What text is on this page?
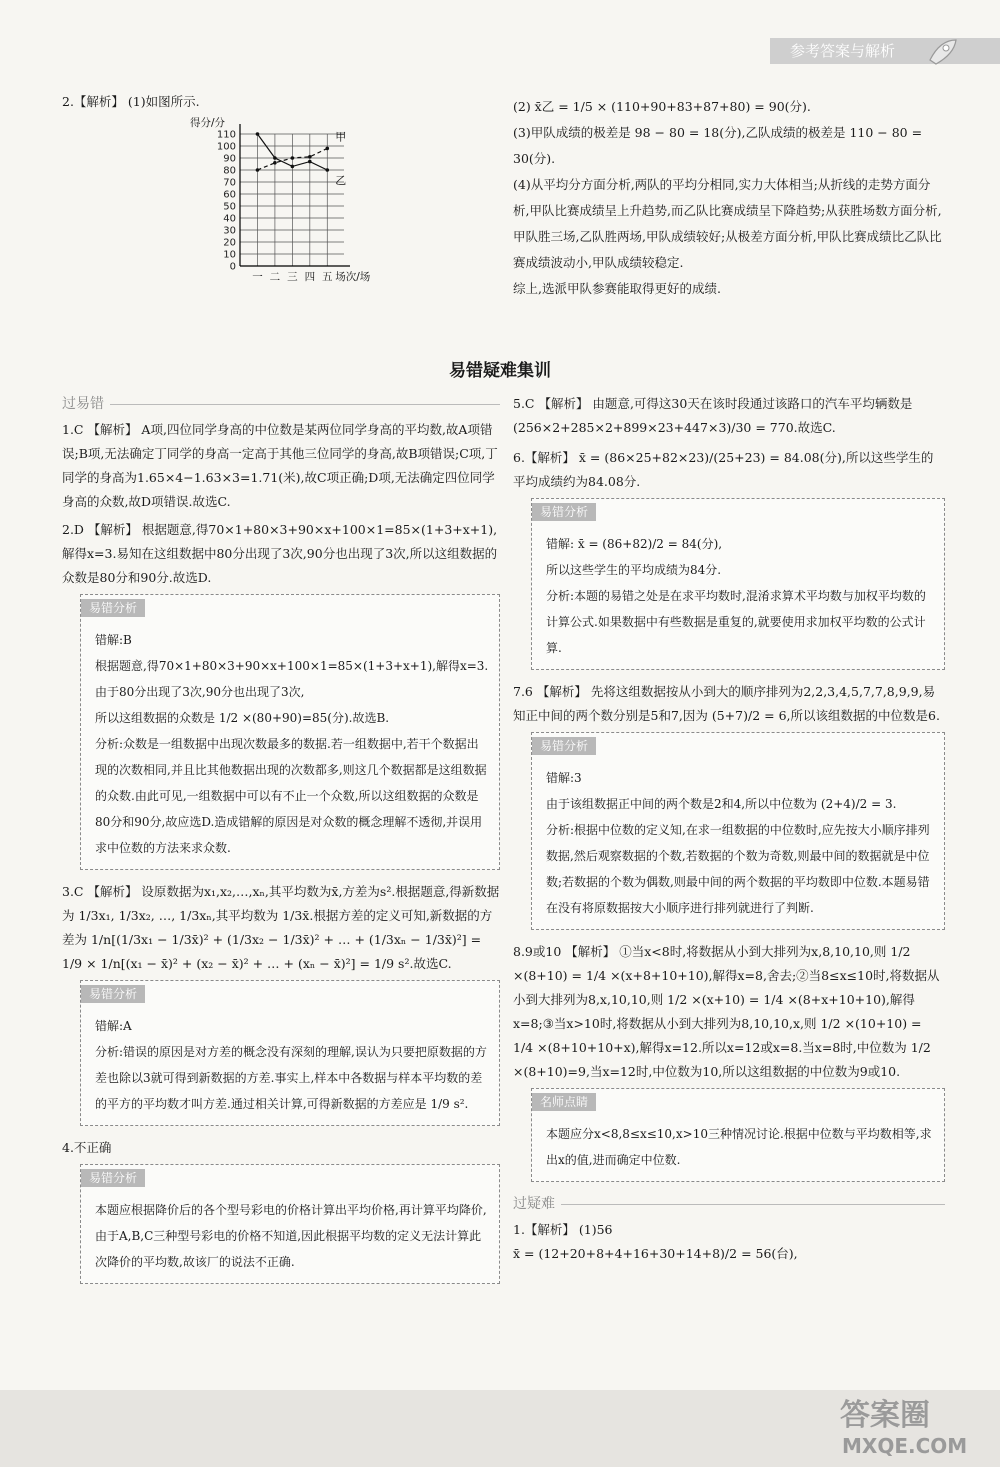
参考答案与解析

2.【解析】 (1)如图所示.

0
10
20
30
40
50
60
70
80
90
100
110
得分/分
一 二 三 四 五 场次/场
甲
乙

(2) x̄乙 = 1/5 × (110+90+83+87+80) = 90(分).

(3)甲队成绩的极差是 98 − 80 = 18(分),乙队成绩的极差是 110 − 80 = 30(分).

(4)从平均分方面分析,两队的平均分相同,实力大体相当;从折线的走势方面分析,甲队比赛成绩呈上升趋势,而乙队比赛成绩呈下降趋势;从获胜场数方面分析,甲队胜三场,乙队胜两场,甲队成绩较好;从极差方面分析,甲队比赛成绩比乙队比赛成绩波动小,甲队成绩较稳定.

综上,选派甲队参赛能取得更好的成绩.

易错疑难集训
过易错

1.C 【解析】 A项,四位同学身高的中位数是某两位同学身高的平均数,故A项错误;B项,无法确定丁同学的身高一定高于其他三位同学的身高,故B项错误;C项,丁同学的身高为1.65×4−1.63×3=1.71(米),故C项正确;D项,无法确定四位同学身高的众数,故D项错误.故选C.

2.D 【解析】 根据题意,得70×1+80×3+90×x+100×1=85×(1+3+x+1),解得x=3.易知在这组数据中80分出现了3次,90分也出现了3次,所以这组数据的众数是80分和90分.故选D.

易错分析
错解:B
根据题意,得70×1+80×3+90×x+100×1=85×(1+3+x+1),解得x=3.由于80分出现了3次,90分也出现了3次,
所以这组数据的众数是 1/2 ×(80+90)=85(分).故选B.
分析:众数是一组数据中出现次数最多的数据.若一组数据中,若干个数据出现的次数相同,并且比其他数据出现的次数都多,则这几个数据都是这组数据的众数.由此可见,一组数据中可以有不止一个众数,所以这组数据的众数是80分和90分,故应选D.造成错解的原因是对众数的概念理解不透彻,并误用求中位数的方法来求众数.

3.C 【解析】 设原数据为x₁,x₂,…,xₙ,其平均数为x̄,方差为s².根据题意,得新数据为 1/3x₁, 1/3x₂, …, 1/3xₙ,其平均数为 1/3x̄.根据方差的定义可知,新数据的方差为 1/n[(1/3x₁ − 1/3x̄)² + (1/3x₂ − 1/3x̄)² + … + (1/3xₙ − 1/3x̄)²] = 1/9 × 1/n[(x₁ − x̄)² + (x₂ − x̄)² + … + (xₙ − x̄)²] = 1/9 s².故选C.

易错分析
错解:A
分析:错误的原因是对方差的概念没有深刻的理解,误认为只要把原数据的方差也除以3就可得到新数据的方差.事实上,样本中各数据与样本平均数的差的平方的平均数才叫方差.通过相关计算,可得新数据的方差应是 1/9 s².

4.不正确

易错分析
本题应根据降价后的各个型号彩电的价格计算出平均价格,再计算平均降价,由于A,B,C三种型号彩电的价格不知道,因此根据平均数的定义无法计算此次降价的平均数,故该厂的说法不正确.

5.C 【解析】 由题意,可得这30天在该时段通过该路口的汽车平均辆数是 (256×2+285×2+899×23+447×3)/30 = 770.故选C.

6.【解析】 x̄ = (86×25+82×23)/(25+23) = 84.08(分),所以这些学生的平均成绩约为84.08分.

易错分析
错解: x̄ = (86+82)/2 = 84(分),
所以这些学生的平均成绩为84分.
分析:本题的易错之处是在求平均数时,混淆求算术平均数与加权平均数的计算公式.如果数据中有些数据是重复的,就要使用求加权平均数的公式计算.

7.6 【解析】 先将这组数据按从小到大的顺序排列为2,2,3,4,5,7,7,8,9,9,易知正中间的两个数分别是5和7,因为 (5+7)/2 = 6,所以该组数据的中位数是6.

易错分析
错解:3
由于该组数据正中间的两个数是2和4,所以中位数为 (2+4)/2 = 3.
分析:根据中位数的定义知,在求一组数据的中位数时,应先按大小顺序排列数据,然后观察数据的个数,若数据的个数为奇数,则最中间的数据就是中位数;若数据的个数为偶数,则最中间的两个数据的平均数即中位数.本题易错在没有将原数据按大小顺序进行排列就进行了判断.

8.9或10 【解析】 ①当x<8时,将数据从小到大排列为x,8,10,10,则 1/2 ×(8+10) = 1/4 ×(x+8+10+10),解得x=8,舍去;②当8≤x≤10时,将数据从小到大排列为8,x,10,10,则 1/2 ×(x+10) = 1/4 ×(8+x+10+10),解得x=8;③当x>10时,将数据从小到大排列为8,10,10,x,则 1/2 ×(10+10) = 1/4 ×(8+10+10+x),解得x=12.所以x=12或x=8.当x=8时,中位数为 1/2 ×(8+10)=9,当x=12时,中位数为10,所以这组数据的中位数为9或10.

名师点睛
本题应分x<8,8≤x≤10,x>10三种情况讨论.根据中位数与平均数相等,求出x的值,进而确定中位数.
过疑难

1.【解析】 (1)56

x̄ = (12+20+8+4+16+30+14+8)/2 = 56(台),

答案圈
MXQE.COM
